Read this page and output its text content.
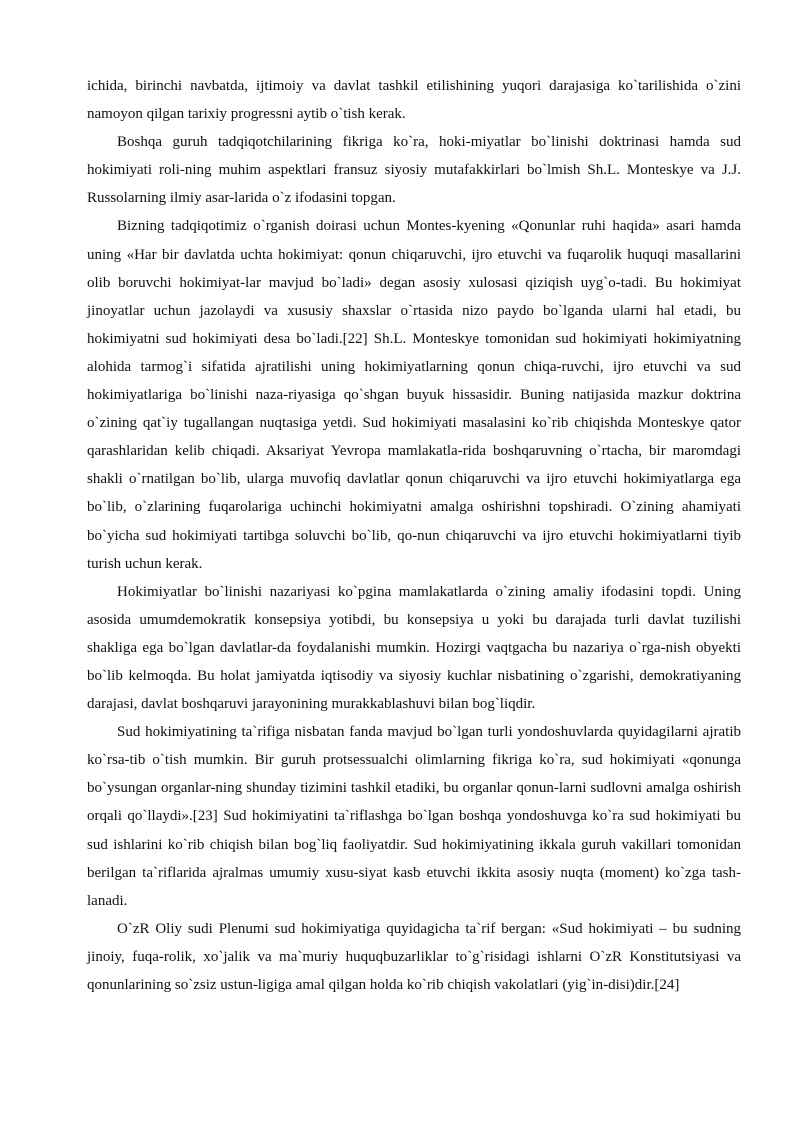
ichida, birinchi navbatda, ijtimoiy va davlat tashkil etilishining yuqori darajasiga ko`tarilishida o`zini namoyon qilgan tarixiy progressni aytib o`tish kerak.

Boshqa guruh tadqiqotchilarining fikriga ko`ra, hoki-miyatlar bo`linishi doktrinasi hamda sud hokimiyati roli-ning muhim aspektlari fransuz siyosiy mutafakkirlari bo`lmish Sh.L. Monteskye va J.J. Russolarning ilmiy asar-larida o`z ifodasini topgan.

Bizning tadqiqotimiz o`rganish doirasi uchun Montes-kyening «Qonunlar ruhi haqida» asari hamda uning «Har bir davlatda uchta hokimiyat: qonun chiqaruvchi, ijro etuvchi va fuqarolik huquqi masallarini olib boruvchi hokimiyat-lar mavjud bo`ladi» degan asosiy xulosasi qiziqish uyg`o-tadi. Bu hokimiyat jinoyatlar uchun jazolaydi va xususiy shaxslar o`rtasida nizo paydo bo`lganda ularni hal etadi, bu hokimiyatni sud hokimiyati desa bo`ladi.[22] Sh.L. Monteskye tomonidan sud hokimiyati hokimiyatning alohida tarmog`i sifatida ajratilishi uning hokimiyatlarning qonun chiqa-ruvchi, ijro etuvchi va sud hokimiyatlariga bo`linishi naza-riyasiga qo`shgan buyuk hissasidir. Buning natijasida mazkur doktrina o`zining qat`iy tugallangan nuqtasiga yetdi. Sud hokimiyati masalasini ko`rib chiqishda Monteskye qator qarashlaridan kelib chiqadi. Aksariyat Yevropa mamlakatla-rida boshqaruvning o`rtacha, bir maromdagi shakli o`rnatilgan bo`lib, ularga muvofiq davlatlar qonun chiqaruvchi va ijro etuvchi hokimiyatlarga ega bo`lib, o`zlarining fuqarolariga uchinchi hokimiyatni amalga oshirishni topshiradi. O`zining ahamiyati bo`yicha sud hokimiyati tartibga soluvchi bo`lib, qo-nun chiqaruvchi va ijro etuvchi hokimiyatlarni tiyib turish uchun kerak.

Hokimiyatlar bo`linishi nazariyasi ko`pgina mamlakatlarda o`zining amaliy ifodasini topdi. Uning asosida umumdemokratik konsepsiya yotibdi, bu konsepsiya u yoki bu darajada turli davlat tuzilishi shakliga ega bo`lgan davlatlar-da foydalanishi mumkin. Hozirgi vaqtgacha bu nazariya o`rga-nish obyekti bo`lib kelmoqda. Bu holat jamiyatda iqtisodiy va siyosiy kuchlar nisbatining o`zgarishi, demokratiyaning darajasi, davlat boshqaruvi jarayonining murakkablashuvi bilan bog`liqdir.

Sud hokimiyatining ta`rifiga nisbatan fanda mavjud bo`lgan turli yondoshuvlarda quyidagilarni ajratib ko`rsa-tib o`tish mumkin. Bir guruh protsessualchi olimlarning fikriga ko`ra, sud hokimiyati «qonunga bo`ysungan organlar-ning shunday tizimini tashkil etadiki, bu organlar qonun-larni sudlovni amalga oshirish orqali qo`llaydi».[23] Sud hokimiyatini ta`riflashga bo`lgan boshqa yondoshuvga ko`ra sud hokimiyati bu sud ishlarini ko`rib chiqish bilan bog`liq faoliyatdir. Sud hokimiyatining ikkala guruh vakillari tomonidan berilgan ta`riflarida ajralmas umumiy xusu-siyat kasb etuvchi ikkita asosiy nuqta (moment) ko`zga tash-lanadi.

O`zR Oliy sudi Plenumi sud hokimiyatiga quyidagicha ta`rif bergan: «Sud hokimiyati – bu sudning jinoiy, fuqa-rolik, xo`jalik va ma`muriy huquqbuzarliklar to`g`risidagi ishlarni O`zR Konstitutsiyasi va qonunlarining so`zsiz ustun-ligiga amal qilgan holda ko`rib chiqish vakolatlari (yig`in-disi)dir.[24]
